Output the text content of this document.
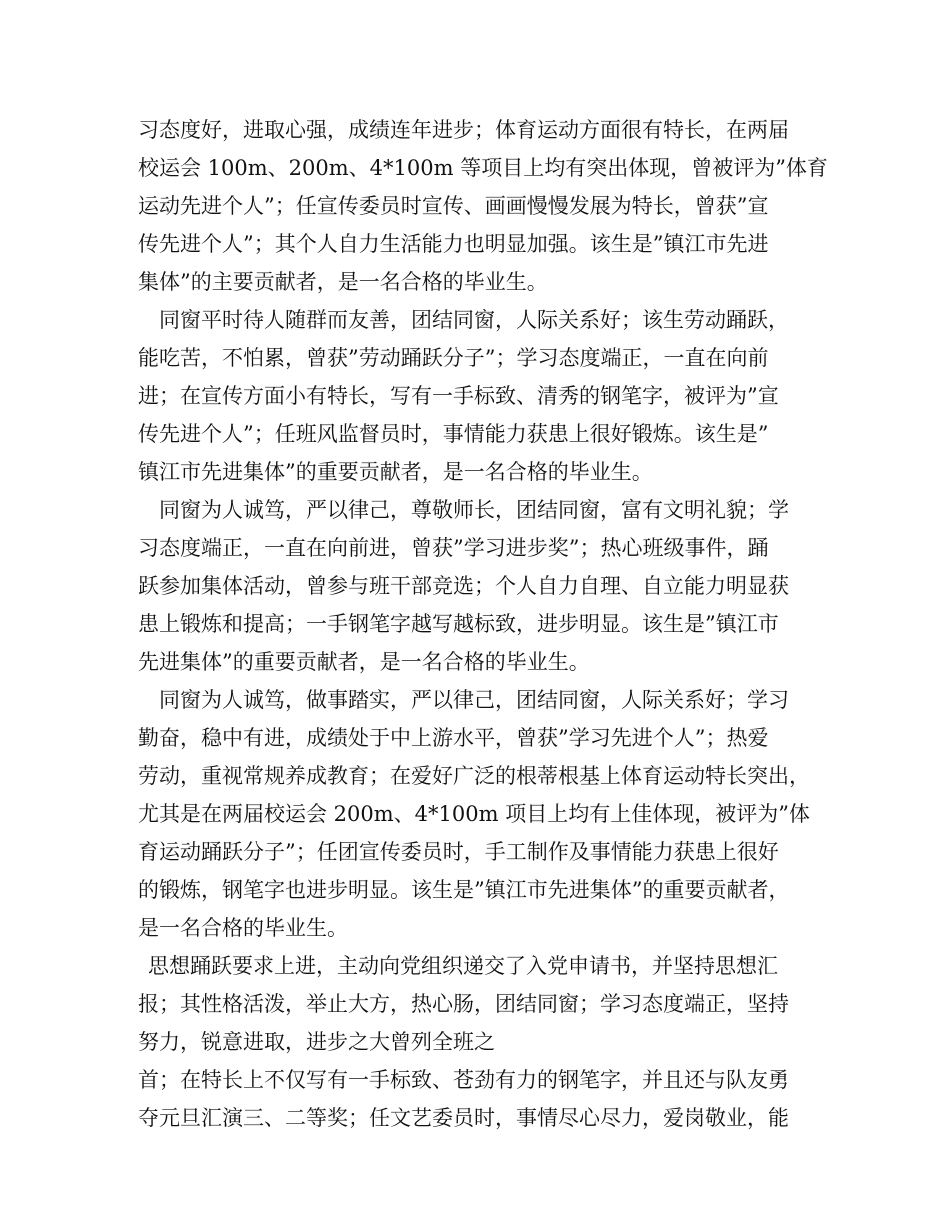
习态度好，进取心强，成绩连年进步；体育运动方面很有特长，在两届
校运会 100m、200m、4*100m 等项目上均有突出体现，曾被评为”体育
运动先进个人”；任宣传委员时宣传、画画慢慢发展为特长，曾获”宣
传先进个人”；其个人自力生活能力也明显加强。该生是”镇江市先进
集体”的主要贡献者，是一名合格的毕业生。
同窗平时待人随群而友善，团结同窗，人际关系好；该生劳动踊跃，
能吃苦，不怕累，曾获”劳动踊跃分子”；学习态度端正，一直在向前
进；在宣传方面小有特长，写有一手标致、清秀的钢笔字，被评为”宣
传先进个人”；任班风监督员时，事情能力获患上很好锻炼。该生是”
镇江市先进集体”的重要贡献者，是一名合格的毕业生。
同窗为人诚笃，严以律己，尊敬师长，团结同窗，富有文明礼貌；学
习态度端正，一直在向前进，曾获”学习进步奖”；热心班级事件，踊
跃参加集体活动，曾参与班干部竞选；个人自力自理、自立能力明显获
患上锻炼和提高；一手钢笔字越写越标致，进步明显。该生是”镇江市
先进集体”的重要贡献者，是一名合格的毕业生。
同窗为人诚笃，做事踏实，严以律己，团结同窗，人际关系好；学习
勤奋，稳中有进，成绩处于中上游水平，曾获”学习先进个人”；热爱
劳动，重视常规养成教育；在爱好广泛的根蒂根基上体育运动特长突出，
尤其是在两届校运会 200m、4*100m 项目上均有上佳体现，被评为”体
育运动踊跃分子”；任团宣传委员时，手工制作及事情能力获患上很好
的锻炼，钢笔字也进步明显。该生是”镇江市先进集体”的重要贡献者，
是一名合格的毕业生。
思想踊跃要求上进，主动向党组织递交了入党申请书，并坚持思想汇
报；其性格活泼，举止大方，热心肠，团结同窗；学习态度端正，坚持
努力，锐意进取，进步之大曾列全班之
首；在特长上不仅写有一手标致、苍劲有力的钢笔字，并且还与队友勇
夺元旦汇演三、二等奖；任文艺委员时，事情尽心尽力，爱岗敬业，能
